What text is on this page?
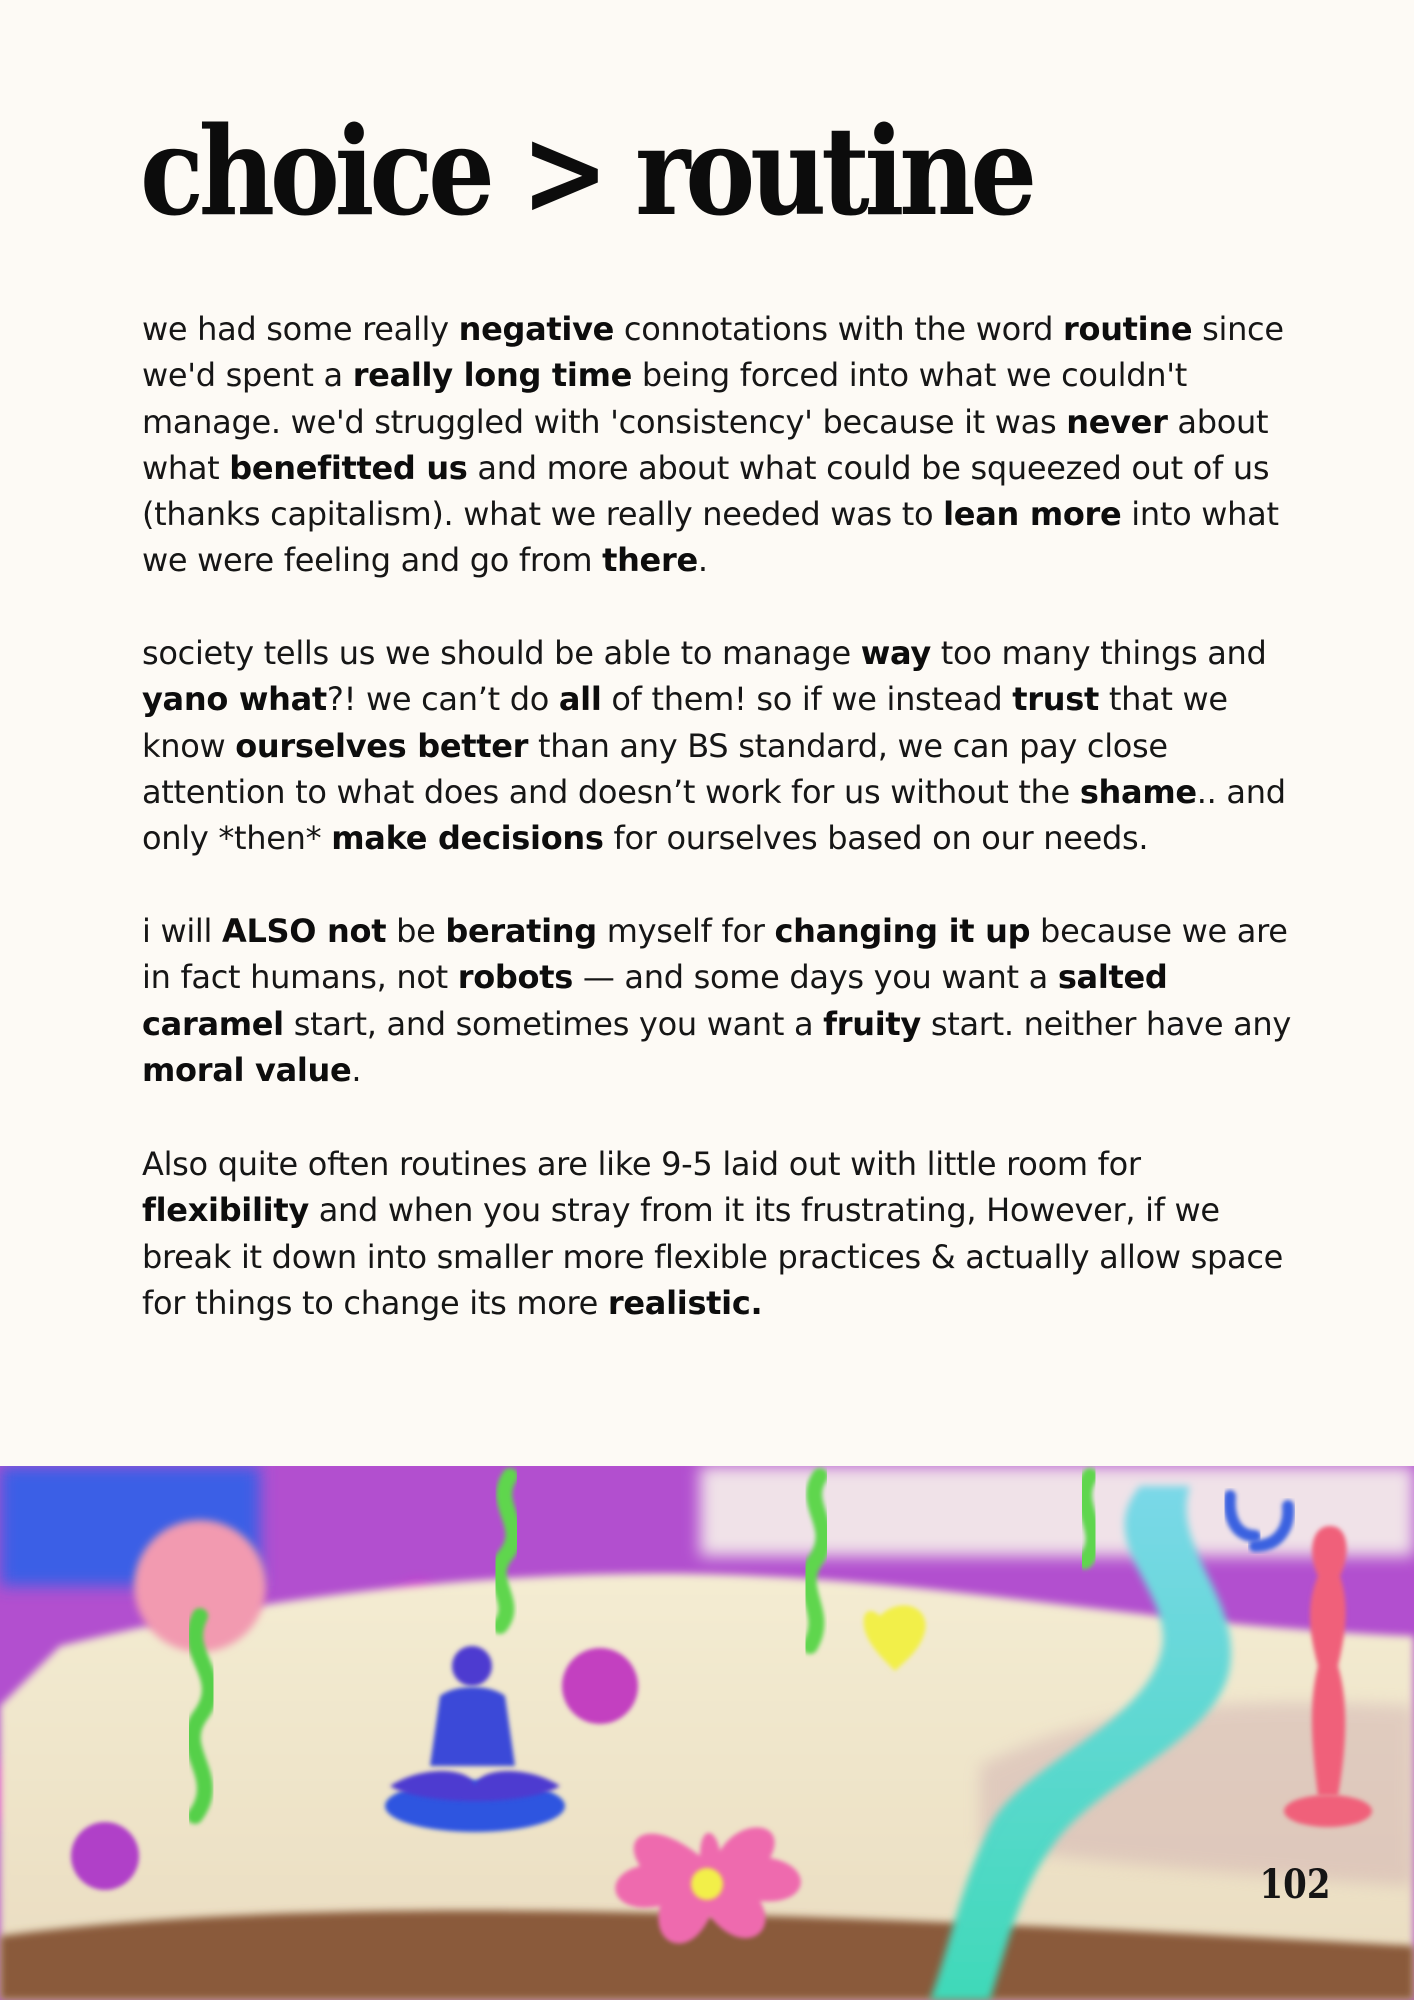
choice > routine

we had some really negative connotations with the word routine since we'd spent a really long time being forced into what we couldn't manage. we'd struggled with 'consistency' because it was never about what benefitted us and more about what could be squeezed out of us (thanks capitalism). what we really needed was to lean more into what we were feeling and go from there.

society tells us we should be able to manage way too many things and yano what?! we can’t do all of them! so if we instead trust that we know ourselves better than any BS standard, we can pay close attention to what does and doesn’t work for us without the shame.. and only *then* make decisions for ourselves based on our needs.

i will ALSO not be berating myself for changing it up because we are in fact humans, not robots — and some days you want a salted caramel start, and sometimes you want a fruity start. neither have any moral value.

Also quite often routines are like 9-5 laid out with little room for flexibility and when you stray from it its frustrating, However, if we break it down into smaller more flexible practices & actually allow space for things to change its more realistic.

102
